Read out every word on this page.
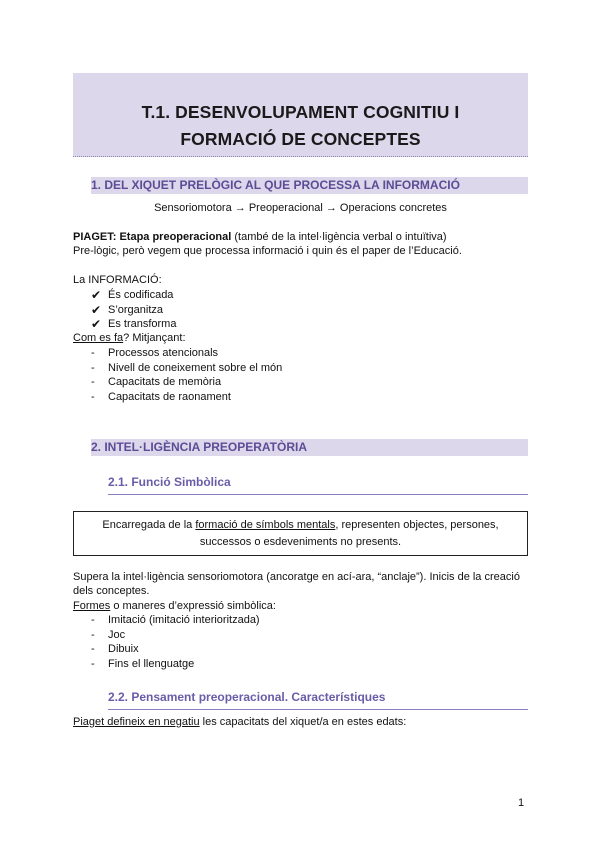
T.1. DESENVOLUPAMENT COGNITIU I
FORMACIÓ DE CONCEPTES
1. DEL XIQUET PRELÒGIC AL QUE PROCESSA LA INFORMACIÓ
Sensoriomotora → Preoperacional → Operacions concretes
PIAGET: Etapa preoperacional (també de la intel·ligència verbal o intuïtiva)
Pre-lògic, però vegem que processa informació i quin és el paper de l’Educació.
La INFORMACIÓ:
✔ És codificada
✔ S’organitza
✔ Es transforma
Com es fa? Mitjançant:
- Processos atencionals
- Nivell de coneixement sobre el món
- Capacitats de memòria
- Capacitats de raonament
2. INTEL·LIGÈNCIA PREOPERATÒRIA
2.1. Funció Simbòlica
Encarregada de la formació de símbols mentals, representen objectes, persones,
successos o esdeveniments no presents.
Supera la intel·ligència sensoriomotora (ancoratge en ací-ara, “anclaje”). Inicis de la creació
dels conceptes.
Formes o maneres d’expressió simbòlica:
- Imitació (imitació interioritzada)
- Joc
- Dibuix
- Fins el llenguatge
2.2. Pensament preoperacional. Característiques
Piaget defineix en negatiu les capacitats del xiquet/a en estes edats:
1
